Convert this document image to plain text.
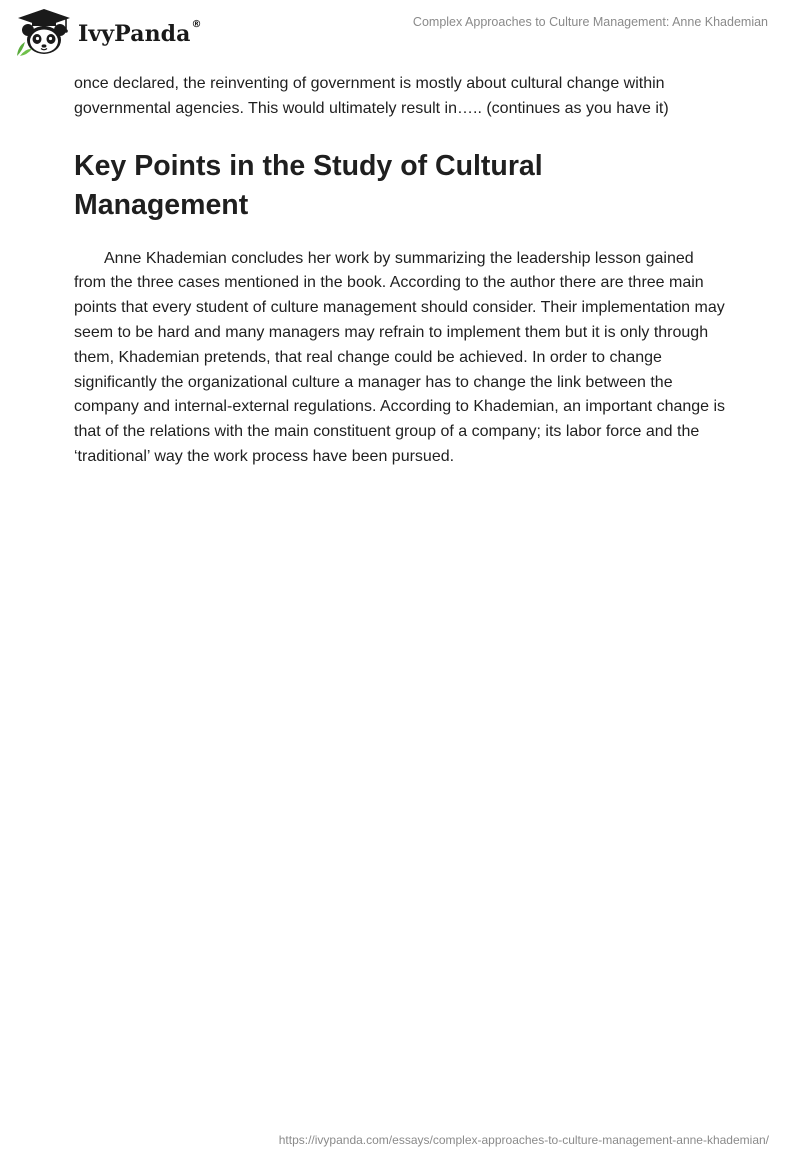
IvyPanda®	Complex Approaches to Culture Management: Anne Khademian

once declared, the reinventing of government is mostly about cultural change within governmental agencies. This would ultimately result in….. (continues as you have it)

Key Points in the Study of Cultural Management

Anne Khademian concludes her work by summarizing the leadership lesson gained from the three cases mentioned in the book. According to the author there are three main points that every student of culture management should consider. Their implementation may seem to be hard and many managers may refrain to implement them but it is only through them, Khademian pretends, that real change could be achieved. In order to change significantly the organizational culture a manager has to change the link between the company and internal-external regulations. According to Khademian, an important change is that of the relations with the main constituent group of a company; its labor force and the ‘traditional’ way the work process have been pursued.

https://ivypanda.com/essays/complex-approaches-to-culture-management-anne-khademian/
